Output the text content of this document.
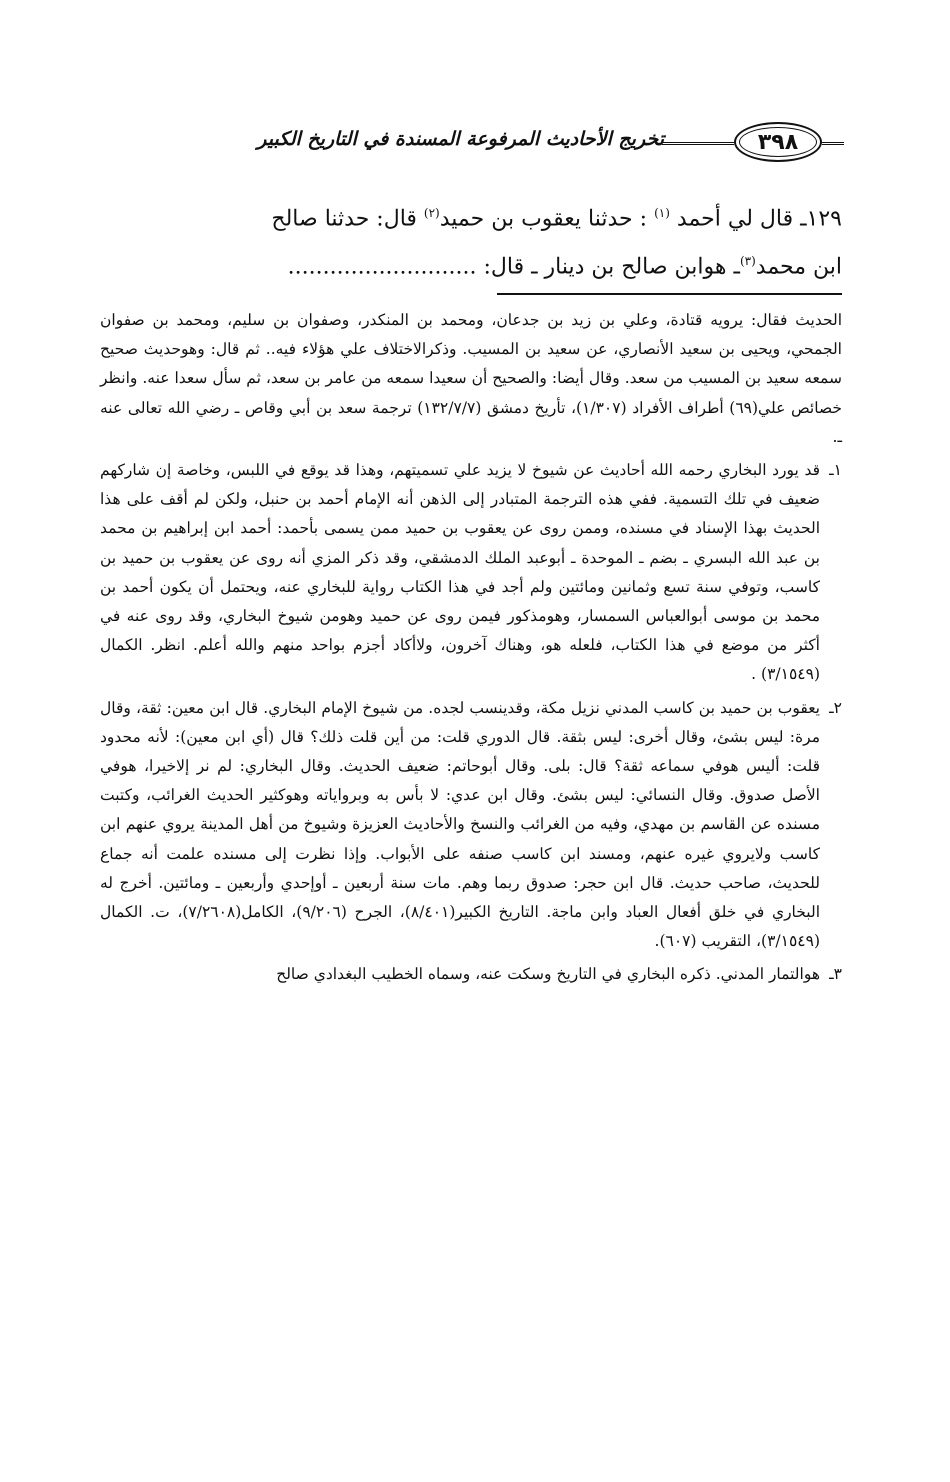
٣٩٨
تخريج الأحاديث المرفوعة المسندة في التاريخ الكبير
١٢٩ـ قال لي أحمد $^{(١)}$ : حدثنا يعقوب بن حميد$^{(٢)}$ قال: حدثنا صالح
ابن محمد$^{(٣)}$ـ هوابن صالح بن دينار ـ قال: ...........................

الحديث فقال: يرويه قتادة، وعلي بن زيد بن جدعان، ومحمد بن المنكدر، وصفوان بن سليم، ومحمد بن صفوان الجمحي، ويحيى بن سعيد الأنصاري، عن سعيد بن المسيب. وذكرالاختلاف علي هؤلاء فيه.. ثم قال: وهوحديث صحيح سمعه سعيد بن المسيب من سعد. وقال أيضا: والصحيح أن سعيدا سمعه من عامر بن سعد، ثم سأل سعدا عنه. وانظر خصائص علي(٦٩) أطراف الأفراد (١/٣٠٧)، تأريخ دمشق (١٣٢/٧/٧) ترجمة سعد بن أبي وقاص ـ رضي الله تعالى عنه ـ.

١ـ
قد يورد البخاري رحمه الله أحاديث عن شيوخ لا يزيد علي تسميتهم، وهذا قد يوقع في اللبس، وخاصة إن شاركهم ضعيف في تلك التسمية. ففي هذه الترجمة المتبادر إلى الذهن أنه الإمام أحمد بن حنبل، ولكن لم أقف على هذا الحديث بهذا الإسناد في مسنده، وممن روى عن يعقوب بن حميد ممن يسمى بأحمد: أحمد ابن إبراهيم بن محمد بن عبد الله البسري ـ بضم ـ الموحدة ـ أبوعبد الملك الدمشقي، وقد ذكر المزي أنه روى عن يعقوب بن حميد بن كاسب، وتوفي سنة تسع وثمانين ومائتين ولم أجد في هذا الكتاب رواية للبخاري عنه، ويحتمل أن يكون أحمد بن محمد بن موسى أبوالعباس السمسار، وهومذكور فيمن روى عن حميد وهومن شيوخ البخاري، وقد روى عنه في أكثر من موضع في هذا الكتاب، فلعله هو، وهناك آخرون، ولاأكاد أجزم بواحد منهم والله أعلم. انظر. الكمال (٣/١٥٤٩) .
٢ـ
يعقوب بن حميد بن كاسب المدني نزيل مكة، وقدينسب لجده. من شيوخ الإمام البخاري. قال ابن معين: ثقة، وقال مرة: ليس بشئ، وقال أخرى: ليس بثقة. قال الدوري قلت: من أين قلت ذلك؟ قال (أي ابن معين): لأنه محدود قلت: أليس هوفي سماعه ثقة؟ قال: بلى. وقال أبوحاتم: ضعيف الحديث. وقال البخاري: لم نر إلاخيرا، هوفي الأصل صدوق. وقال النسائي: ليس بشئ. وقال ابن عدي: لا بأس به وبرواياته وهوكثير الحديث الغرائب، وكتبت مسنده عن القاسم بن مهدي، وفيه من الغرائب والنسخ والأحاديث العزيزة وشيوخ من أهل المدينة يروي عنهم ابن كاسب ولايروي غيره عنهم، ومسند ابن كاسب صنفه على الأبواب. وإذا نظرت إلى مسنده علمت أنه جماع للحديث، صاحب حديث. قال ابن حجر: صدوق ربما وهم. مات سنة أربعين ـ أوإحدي وأربعين ـ ومائتين. أخرج له البخاري في خلق أفعال العباد وابن ماجة. التاريخ الكبير(٨/٤٠١)، الجرح (٩/٢٠٦)، الكامل(٧/٢٦٠٨)، ت. الكمال (٣/١٥٤٩)، التقريب (٦٠٧).
٣ـ
هوالتمار المدني. ذكره البخاري في التاريخ وسكت عنه، وسماه الخطيب البغدادي صالح
